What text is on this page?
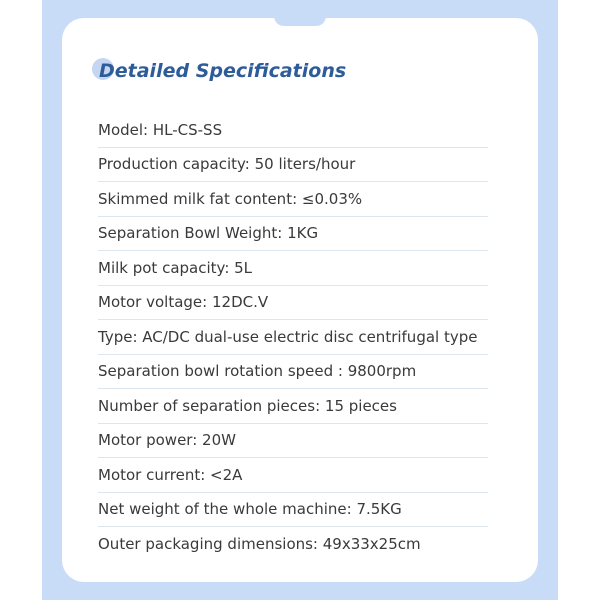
Detailed Specifications
Model: HL-CS-SS
Production capacity: 50 liters/hour
Skimmed milk fat content: ≤0.03%
Separation Bowl Weight: 1KG
Milk pot capacity: 5L
Motor voltage: 12DC.V
Type: AC/DC dual-use electric disc centrifugal type
Separation bowl rotation speed : 9800rpm
Number of separation pieces: 15 pieces
Motor power: 20W
Motor current: <2A
Net weight of the whole machine: 7.5KG
Outer packaging dimensions: 49x33x25cm
